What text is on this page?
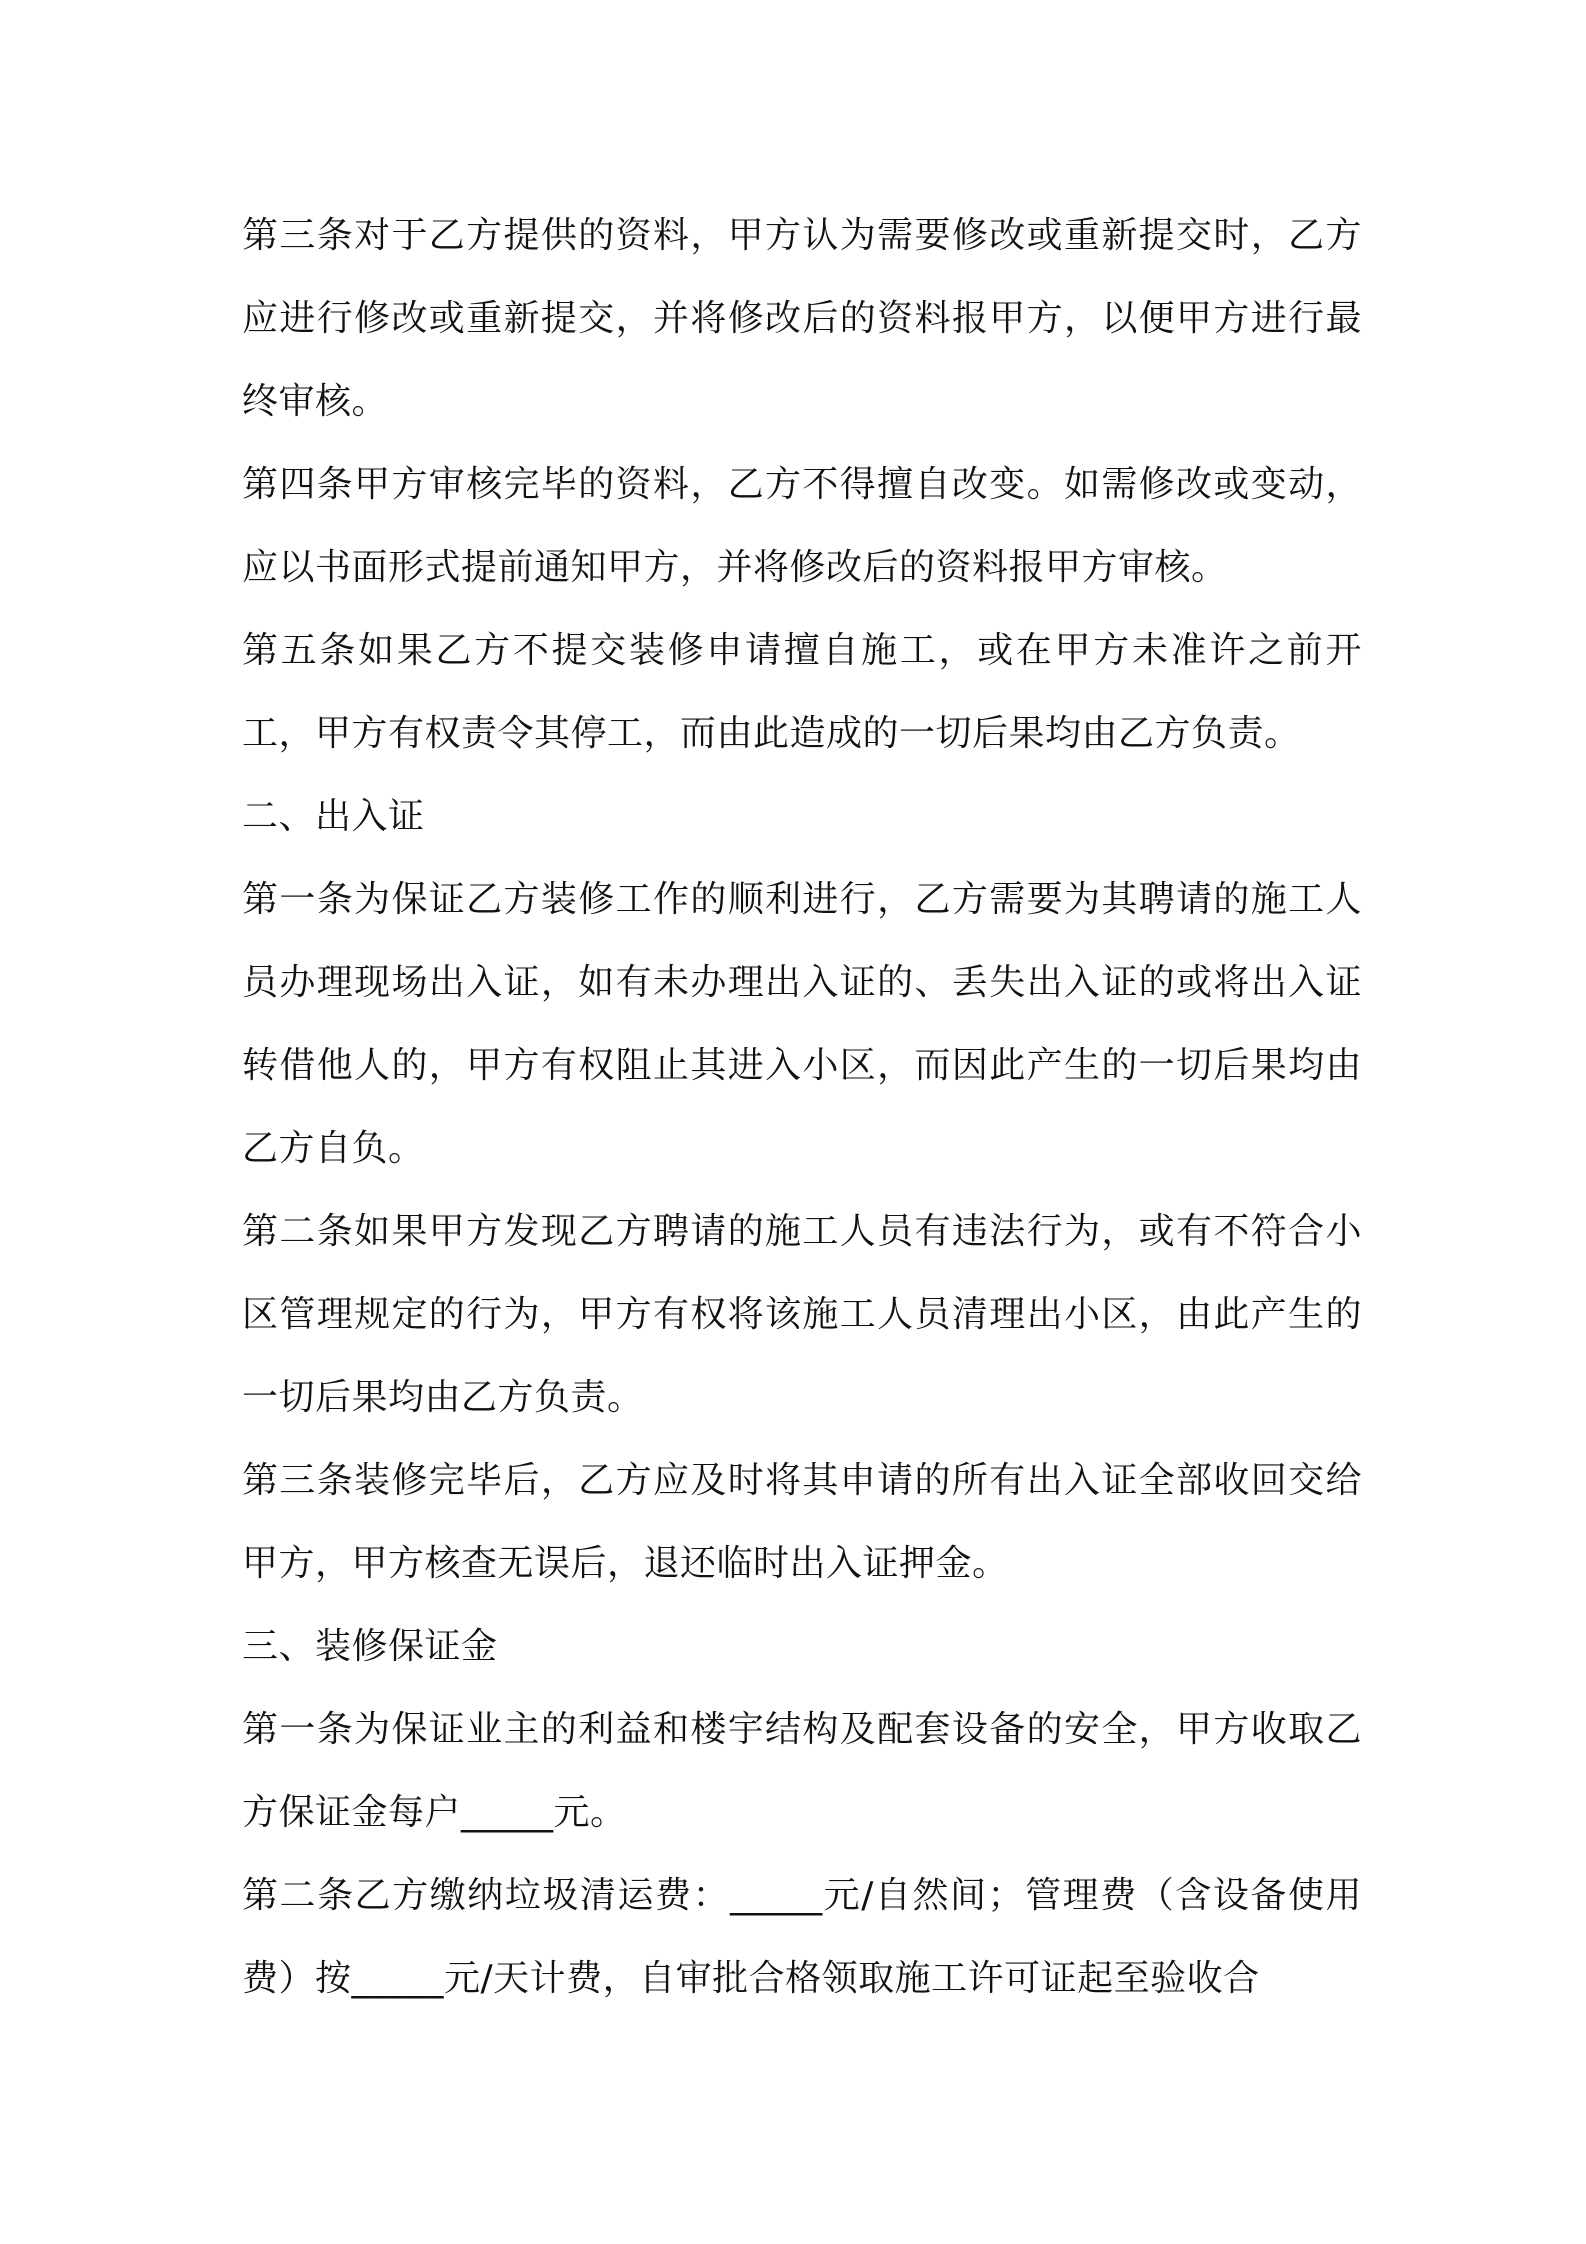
第三条对于乙方提供的资料，甲方认为需要修改或重新提交时，乙方应进行修改或重新提交，并将修改后的资料报甲方，以便甲方进行最终审核。

第四条甲方审核完毕的资料，乙方不得擅自改变。如需修改或变动，应以书面形式提前通知甲方，并将修改后的资料报甲方审核。

第五条如果乙方不提交装修申请擅自施工，或在甲方未准许之前开工，甲方有权责令其停工，而由此造成的一切后果均由乙方负责。

二、出入证

第一条为保证乙方装修工作的顺利进行，乙方需要为其聘请的施工人员办理现场出入证，如有未办理出入证的、丢失出入证的或将出入证转借他人的，甲方有权阻止其进入小区，而因此产生的一切后果均由乙方自负。

第二条如果甲方发现乙方聘请的施工人员有违法行为，或有不符合小区管理规定的行为，甲方有权将该施工人员清理出小区，由此产生的一切后果均由乙方负责。

第三条装修完毕后，乙方应及时将其申请的所有出入证全部收回交给甲方，甲方核查无误后，退还临时出入证押金。

三、装修保证金

第一条为保证业主的利益和楼宇结构及配套设备的安全，甲方收取乙方保证金每户_____元。

第二条乙方缴纳垃圾清运费：_____元/自然间；管理费（含设备使用费）按_____元/天计费，自审批合格领取施工许可证起至验收合
